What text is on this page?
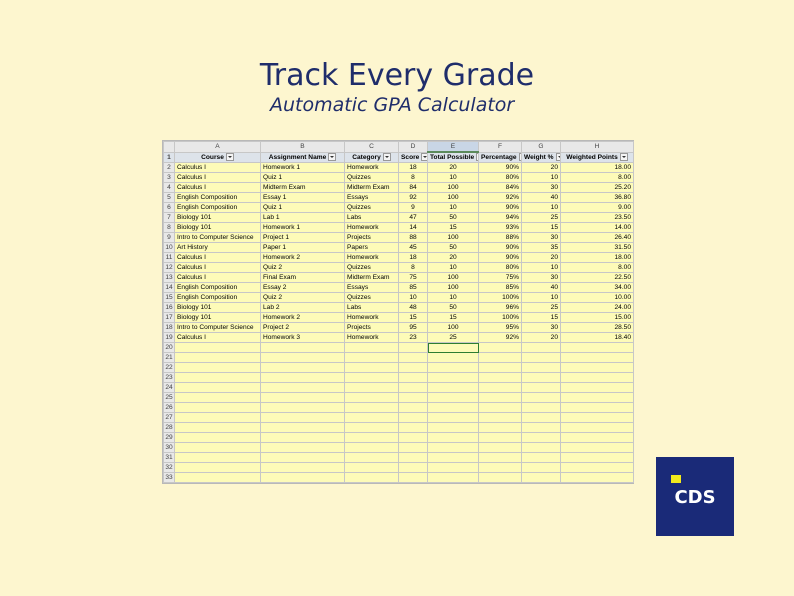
Track Every Grade
Automatic GPA Calculator
	A	B	C	D	E	F	G	H
1	Course	Assignment Name	Category	Score	Total Possible	Percentage	Weight %	Weighted Points
2	Calculus I	Homework 1	Homework	18	20	90%	20	18.00
3	Calculus I	Quiz 1	Quizzes	8	10	80%	10	8.00
4	Calculus I	Midterm Exam	Midterm Exam	84	100	84%	30	25.20
5	English Composition	Essay 1	Essays	92	100	92%	40	36.80
6	English Composition	Quiz 1	Quizzes	9	10	90%	10	9.00
7	Biology 101	Lab 1	Labs	47	50	94%	25	23.50
8	Biology 101	Homework 1	Homework	14	15	93%	15	14.00
9	Intro to Computer Science	Project 1	Projects	88	100	88%	30	26.40
10	Art History	Paper 1	Papers	45	50	90%	35	31.50
11	Calculus I	Homework 2	Homework	18	20	90%	20	18.00
12	Calculus I	Quiz 2	Quizzes	8	10	80%	10	8.00
13	Calculus I	Final Exam	Midterm Exam	75	100	75%	30	22.50
14	English Composition	Essay 2	Essays	85	100	85%	40	34.00
15	English Composition	Quiz 2	Quizzes	10	10	100%	10	10.00
16	Biology 101	Lab 2	Labs	48	50	96%	25	24.00
17	Biology 101	Homework 2	Homework	15	15	100%	15	15.00
18	Intro to Computer Science	Project 2	Projects	95	100	95%	30	28.50
19	Calculus I	Homework 3	Homework	23	25	92%	20	18.40
20								
21								
22								
23								
24								
25								
26								
27								
28								
29								
30								
31								
32								
33								
CDS
